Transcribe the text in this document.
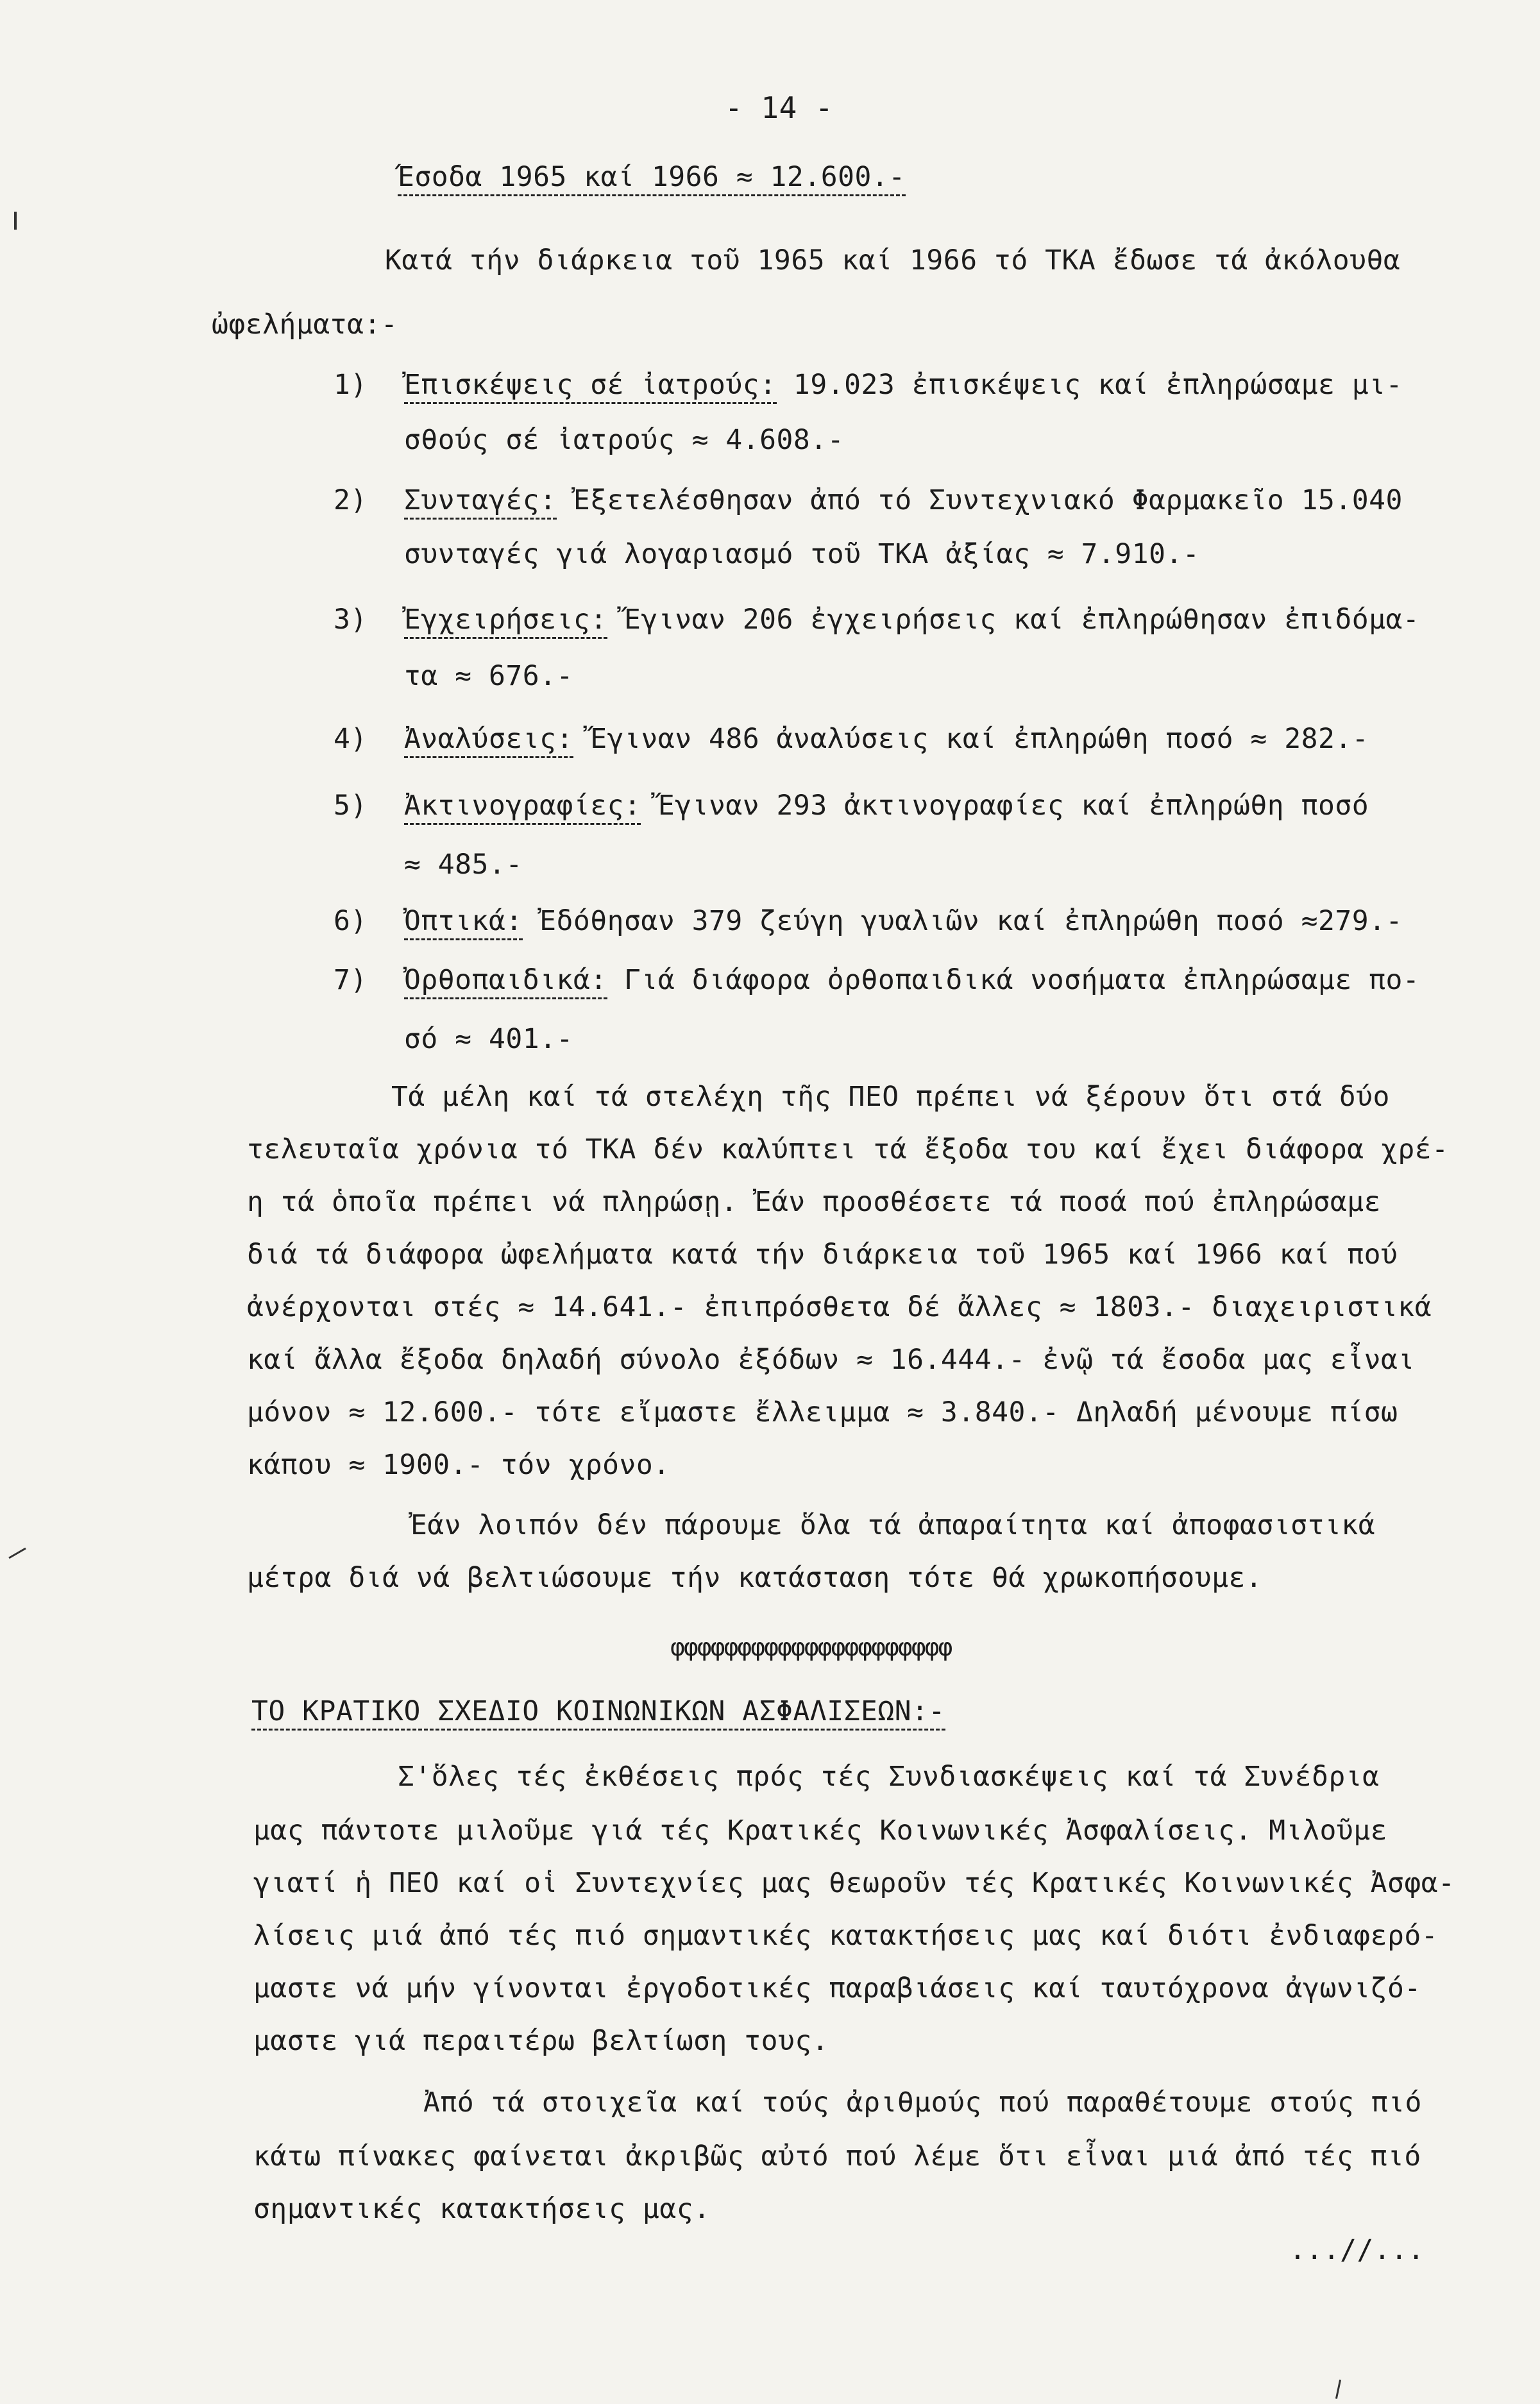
- 14 -
Έσοδα 1965 καί 1966 ≈ 12.600.-
Κατά τήν διάρκεια τοῦ 1965 καί 1966 τό ΤΚΑ ἔδωσε τά ἀκόλουθα
ὠφελήματα:-
1) Ἐπισκέψεις σέ ἰατρούς: 19.023 ἐπισκέψεις καί ἐπληρώσαμε μι-
σθούς σέ ἰατρούς ≈ 4.608.-
2) Συνταγές: Ἐξετελέσθησαν ἀπό τό Συντεχνιακό Φαρμακεῖο 15.040
συνταγές γιά λογαριασμό τοῦ ΤΚΑ ἀξίας ≈ 7.910.-
3) Ἐγχειρήσεις: Ἔγιναν 206 ἐγχειρήσεις καί ἐπληρώθησαν ἐπιδόμα-
τα ≈ 676.-
4) Ἀναλύσεις: Ἔγιναν 486 ἀναλύσεις καί ἐπληρώθη ποσό ≈ 282.-
5) Ἀκτινογραφίες: Ἔγιναν 293 ἀκτινογραφίες καί ἐπληρώθη ποσό
≈ 485.-
6) Ὀπτικά: Ἐδόθησαν 379 ζεύγη γυαλιῶν καί ἐπληρώθη ποσό ≈279.-
7) Ὀρθοπαιδικά: Γιά διάφορα ὀρθοπαιδικά νοσήματα ἐπληρώσαμε πο-
σό ≈ 401.-
Τά μέλη καί τά στελέχη τῆς ΠΕΟ πρέπει νά ξέρουν ὅτι στά δύο
τελευταῖα χρόνια τό ΤΚΑ δέν καλύπτει τά ἔξοδα του καί ἔχει διάφορα χρέ-
η τά ὁποῖα πρέπει νά πληρώσῃ. Ἐάν προσθέσετε τά ποσά πού ἐπληρώσαμε
διά τά διάφορα ὠφελήματα κατά τήν διάρκεια τοῦ 1965 καί 1966 καί πού
ἀνέρχονται στές ≈ 14.641.- ἐπιπρόσθετα δέ ἄλλες ≈ 1803.- διαχειριστικά
καί ἄλλα ἔξοδα δηλαδή σύνολο ἐξόδων ≈ 16.444.- ἐνῷ τά ἔσοδα μας εἶναι
μόνον ≈ 12.600.- τότε εἴμαστε ἔλλειμμα ≈ 3.840.- Δηλαδή μένουμε πίσω
κάπου ≈ 1900.- τόν χρόνο.
Ἐάν λοιπόν δέν πάρουμε ὅλα τά ἀπαραίτητα καί ἀποφασιστικά
μέτρα διά νά βελτιώσουμε τήν κατάσταση τότε θά χρωκοπήσουμε.
φφφφφφφφφφφφφφφφφφφφφ
ΤΟ ΚΡΑΤΙΚΟ ΣΧΕΔΙΟ ΚΟΙΝΩΝΙΚΩΝ ΑΣΦΑΛΙΣΕΩΝ:-
Σ'ὅλες τές ἐκθέσεις πρός τές Συνδιασκέψεις καί τά Συνέδρια
μας πάντοτε μιλοῦμε γιά τές Κρατικές Κοινωνικές Ἀσφαλίσεις. Μιλοῦμε
γιατί ἡ ΠΕΟ καί οἱ Συντεχνίες μας θεωροῦν τές Κρατικές Κοινωνικές Ἀσφα-
λίσεις μιά ἀπό τές πιό σημαντικές κατακτήσεις μας καί διότι ἐνδιαφερό-
μαστε νά μήν γίνονται ἐργοδοτικές παραβιάσεις καί ταυτόχρονα ἀγωνιζό-
μαστε γιά περαιτέρω βελτίωση τους.
Ἀπό τά στοιχεῖα καί τούς ἀριθμούς πού παραθέτουμε στούς πιό
κάτω πίνακες φαίνεται ἀκριβῶς αὐτό πού λέμε ὅτι εἶναι μιά ἀπό τές πιό
σημαντικές κατακτήσεις μας.
...//...
